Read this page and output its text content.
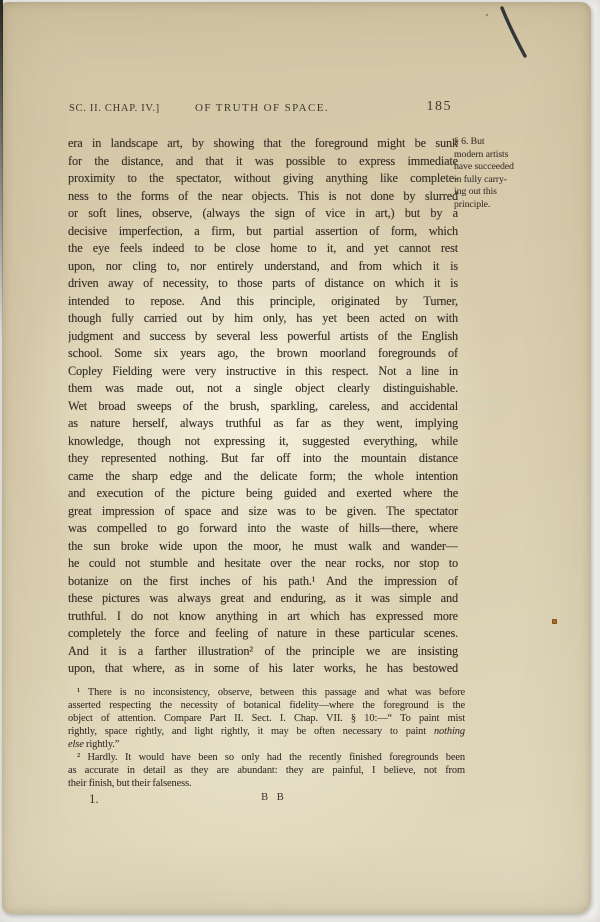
SC. II. CHAP. IV.]	OF TRUTH OF SPACE.	185
era in landscape art, by showing that the foreground might be sunk
for the distance, and that it was possible to express immediate
proximity to the spectator, without giving anything like complete-
ness to the forms of the near objects. This is not done by slurred
or soft lines, observe, (always the sign of vice in art,) but by a
decisive imperfection, a firm, but partial assertion of form, which
the eye feels indeed to be close home to it, and yet cannot rest
upon, nor cling to, nor entirely understand, and from which it is
driven away of necessity, to those parts of distance on which it is
intended to repose. And this principle, originated by Turner,
though fully carried out by him only, has yet been acted on with
judgment and success by several less powerful artists of the English
school. Some six years ago, the brown moorland foregrounds of
Copley Fielding were very instructive in this respect. Not a line in
them was made out, not a single object clearly distinguishable.
Wet broad sweeps of the brush, sparkling, careless, and accidental
as nature herself, always truthful as far as they went, implying
knowledge, though not expressing it, suggested everything, while
they represented nothing. But far off into the mountain distance
came the sharp edge and the delicate form; the whole intention
and execution of the picture being guided and exerted where the
great impression of space and size was to be given. The spectator
was compelled to go forward into the waste of hills—there, where
the sun broke wide upon the moor, he must walk and wander—
he could not stumble and hesitate over the near rocks, nor stop to
botanize on the first inches of his path.¹ And the impression of
these pictures was always great and enduring, as it was simple and
truthful. I do not know anything in art which has expressed more
completely the force and feeling of nature in these particular scenes.
And it is a farther illustration² of the principle we are insisting
upon, that where, as in some of his later works, he has bestowed
§ 6. But
modern artists
have succeeded
in fully carry-
ing out this
principle.
¹ There is no inconsistency, observe, between this passage and what was before
asserted respecting the necessity of botanical fidelity—where the foreground is the
object of attention. Compare Part II. Sect. I. Chap. VII. § 10:—“ To paint mist
rightly, space rightly, and light rightly, it may be often necessary to paint nothing
else rightly.”
² Hardly. It would have been so only had the recently finished foregrounds been
as accurate in detail as they are abundant: they are painful, I believe, not from
their finish, but their falseness.
1.	B B
